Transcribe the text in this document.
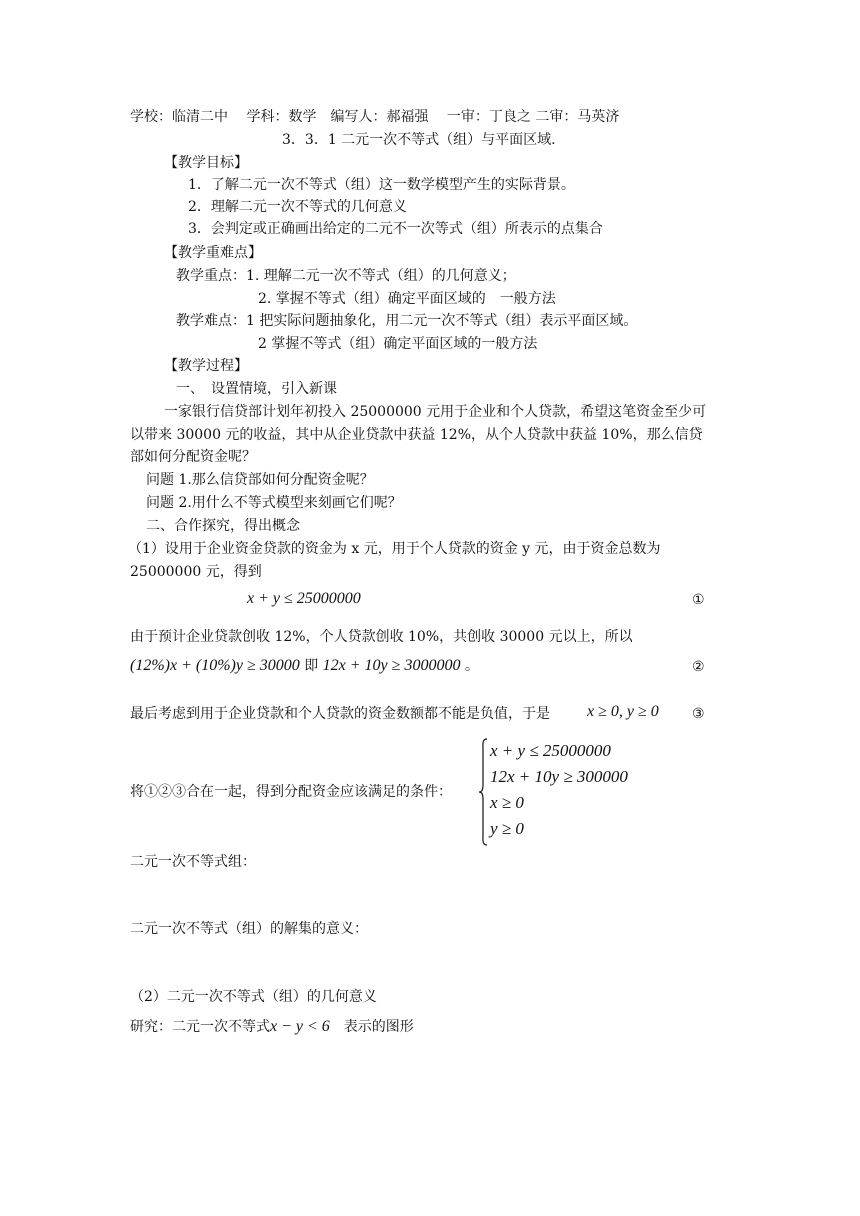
学校：临清二中　 学科：数学　编写人：郝福强　 一审：丁良之 二审：马英济
3．3．1 二元一次不等式（组）与平面区域.
【教学目标】
1．了解二元一次不等式（组）这一数学模型产生的实际背景。
2．理解二元一次不等式的几何意义
3．会判定或正确画出给定的二元不一次等式（组）所表示的点集合
【教学重难点】
教学重点：1. 理解二元一次不等式（组）的几何意义；
2. 掌握不等式（组）确定平面区域的　一般方法
教学难点：1 把实际问题抽象化，用二元一次不等式（组）表示平面区域。
2 掌握不等式（组）确定平面区域的一般方法
【教学过程】
一、　设置情境，引入新课
一家银行信贷部计划年初投入 25000000 元用于企业和个人贷款，希望这笔资金至少可
以带来 30000 元的收益，其中从企业贷款中获益 12%，从个人贷款中获益 10%，那么信贷
部如何分配资金呢？
问题 1.那么信贷部如何分配资金呢？
问题 2.用什么不等式模型来刻画它们呢？
二、合作探究，得出概念
（1）设用于企业资金贷款的资金为 x 元，用于个人贷款的资金 y 元，由于资金总数为
25000000 元，得到
x + y ≤ 25000000	①
由于预计企业贷款创收 12%，个人贷款创收 10%，共创收 30000 元以上，所以
(12%)x + (10%)y ≥ 30000 即 12x + 10y ≥ 3000000 。	②
最后考虑到用于企业贷款和个人贷款的资金数额都不能是负值，于是 x ≥ 0, y ≥ 0 ③
将①②③合在一起，得到分配资金应该满足的条件：
x + y ≤ 25000000
12x + 10y ≥ 300000
x ≥ 0
y ≥ 0
二元一次不等式组：
二元一次不等式（组）的解集的意义：
（2）二元一次不等式（组）的几何意义
研究：二元一次不等式x − y < 6　表示的图形
